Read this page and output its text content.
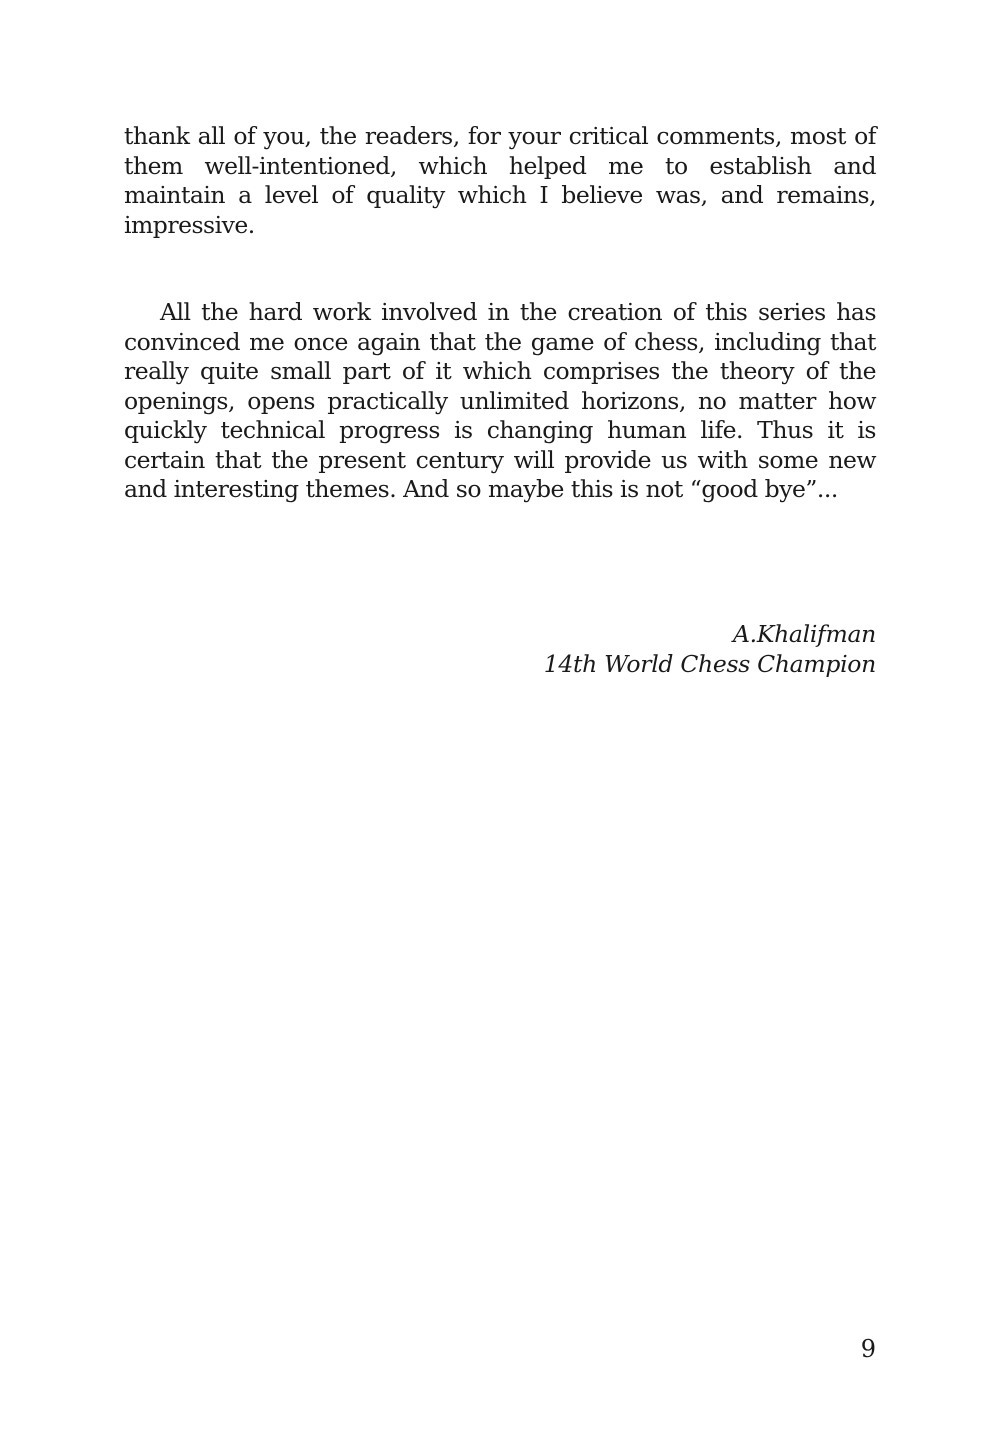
thank all of you, the readers, for your critical comments, most of them well-intentioned, which helped me to establish and maintain a level of quality which I believe was, and remains, impressive.

All the hard work involved in the creation of this series has convinced me once again that the game of chess, including that really quite small part of it which comprises the theory of the openings, opens practically unlimited horizons, no matter how quickly technical progress is changing human life. Thus it is certain that the present century will provide us with some new and interesting themes. And so maybe this is not “good bye”...

A.Khalifman
14th World Chess Champion
9
